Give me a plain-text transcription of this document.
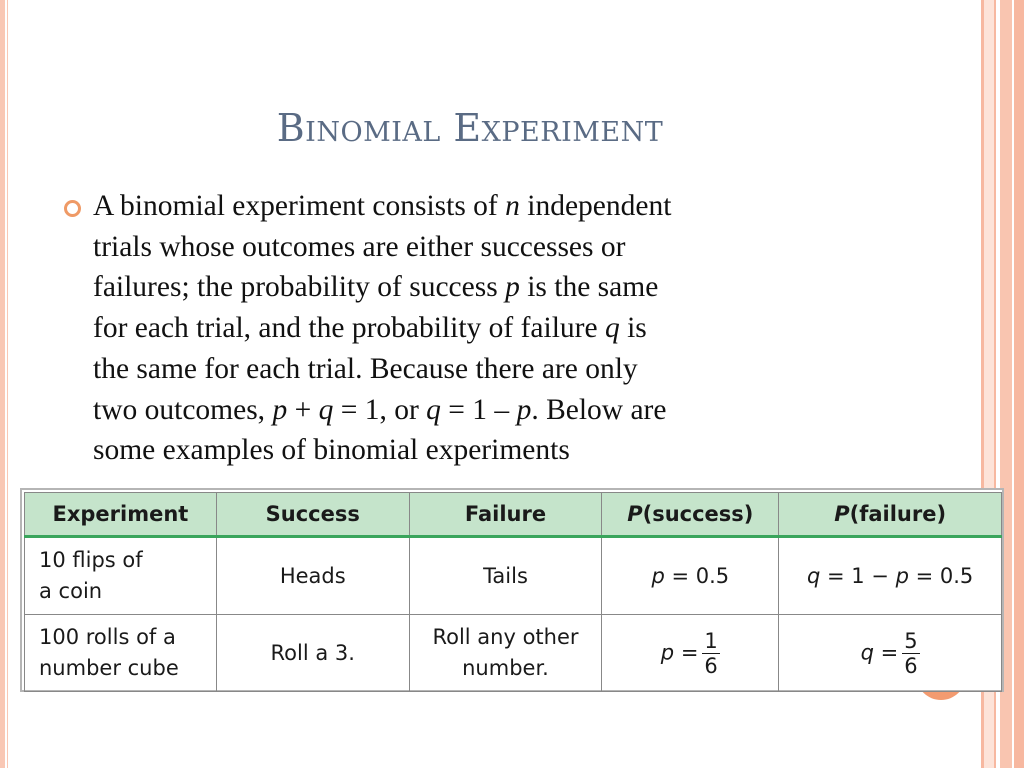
Binomial Experiment
A binomial experiment consists of n independent
trials whose outcomes are either successes or
failures; the probability of success p is the same
for each trial, and the probability of failure q is
the same for each trial. Because there are only
two outcomes, p + q = 1, or q = 1 – p. Below are
some examples of binomial experiments
Experiment	Success	Failure	P(success)	P(failure)
10 flips of
a coin	Heads	Tails	p = 0.5	q = 1 − p = 0.5
100 rolls of a
number cube	Roll a 3.	Roll any other
number.	$p = \frac{1}{6}$	$q = \frac{5}{6}$
